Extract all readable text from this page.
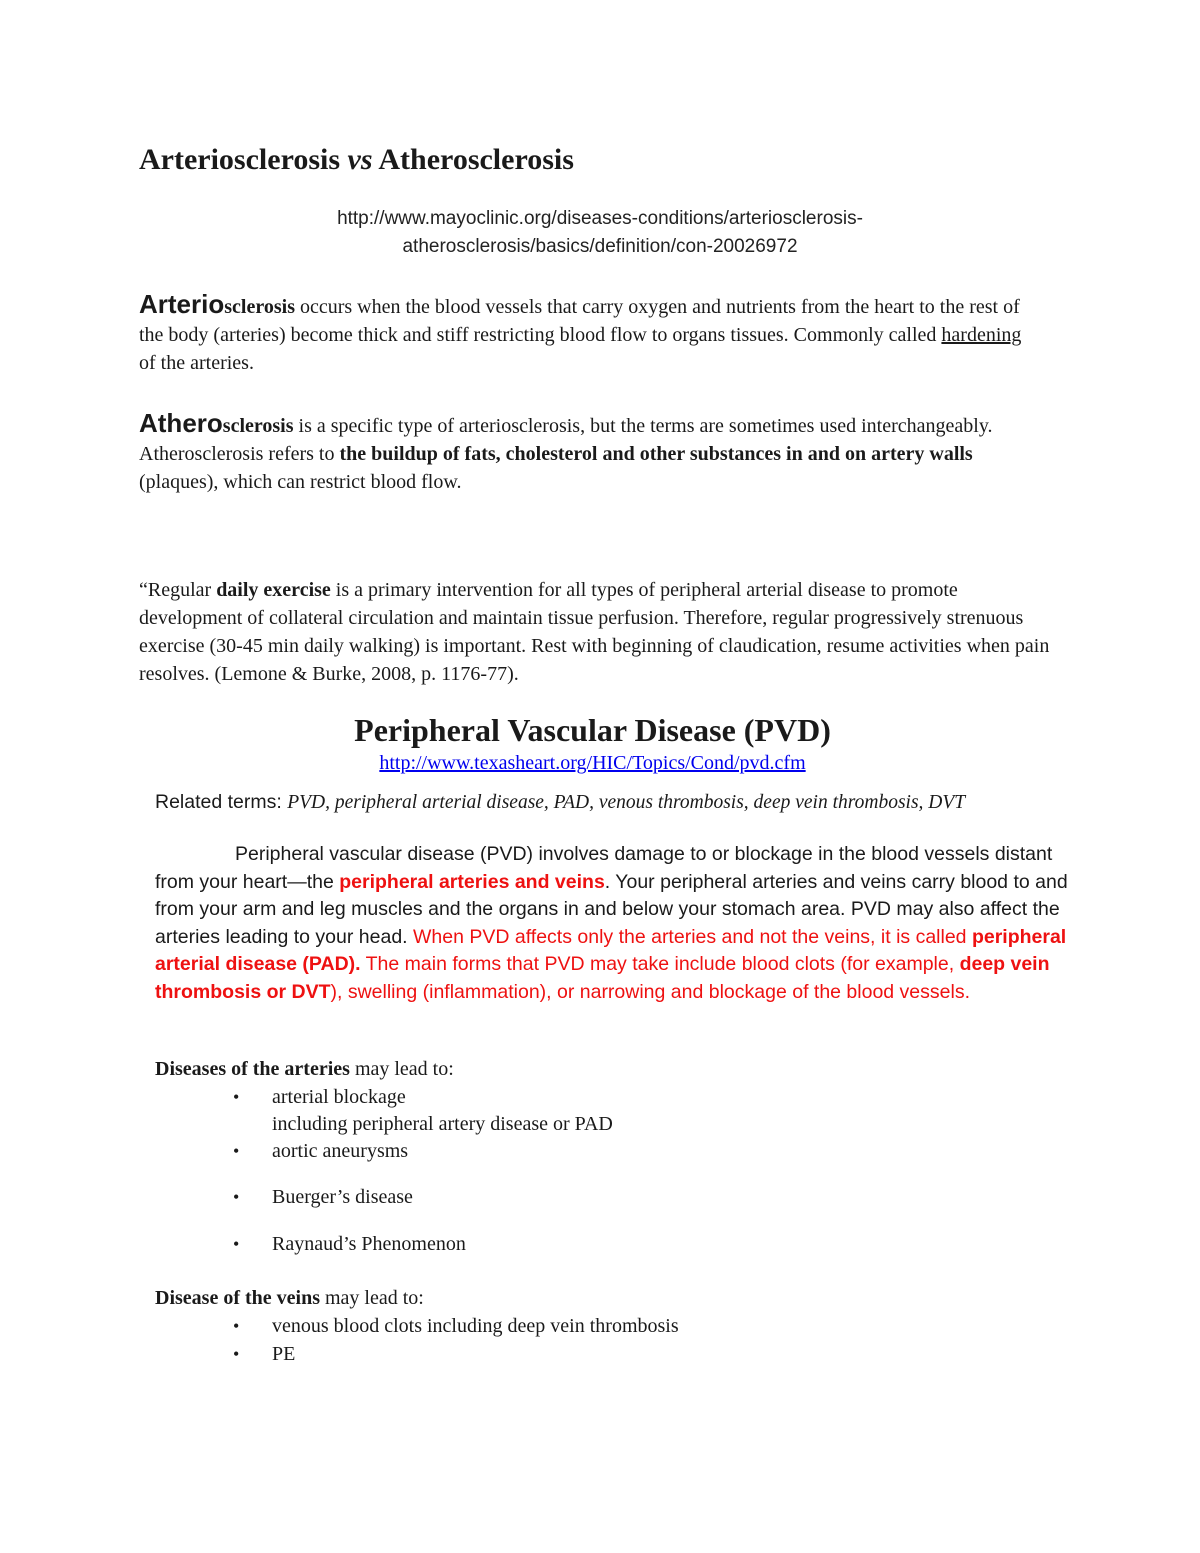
Arteriosclerosis vs Atherosclerosis
http://www.mayoclinic.org/diseases-conditions/arteriosclerosis-
atherosclerosis/basics/definition/con-20026972

Arteriosclerosis occurs when the blood vessels that carry oxygen and nutrients from the heart to the rest of the body (arteries) become thick and stiff restricting blood flow to organs tissues. Commonly called hardening of the arteries.

Atherosclerosis is a specific type of arteriosclerosis, but the terms are sometimes used interchangeably. Atherosclerosis refers to the buildup of fats, cholesterol and other substances in and on artery walls (plaques), which can restrict blood flow.

“Regular daily exercise is a primary intervention for all types of peripheral arterial disease to promote development of collateral circulation and maintain tissue perfusion. Therefore, regular progressively strenuous exercise (30-45 min daily walking) is important. Rest with beginning of claudication, resume activities when pain resolves. (Lemone & Burke, 2008, p. 1176-77).

Peripheral Vascular Disease (PVD)
http://www.texasheart.org/HIC/Topics/Cond/pvd.cfm

Related terms: PVD, peripheral arterial disease, PAD, venous thrombosis, deep vein thrombosis, DVT

Peripheral vascular disease (PVD) involves damage to or blockage in the blood vessels distant from your heart—the peripheral arteries and veins. Your peripheral arteries and veins carry blood to and from your arm and leg muscles and the organs in and below your stomach area. PVD may also affect the arteries leading to your head. When PVD affects only the arteries and not the veins, it is called peripheral arterial disease (PAD). The main forms that PVD may take include blood clots (for example, deep vein thrombosis or DVT), swelling (inflammation), or narrowing and blockage of the blood vessels.

Diseases of the arteries may lead to:

•	arterial blockage
including peripheral artery disease or PAD
•	aortic aneurysms
•	Buerger’s disease
•	Raynaud’s Phenomenon

Disease of the veins may lead to:

•	venous blood clots including deep vein thrombosis
•	PE
